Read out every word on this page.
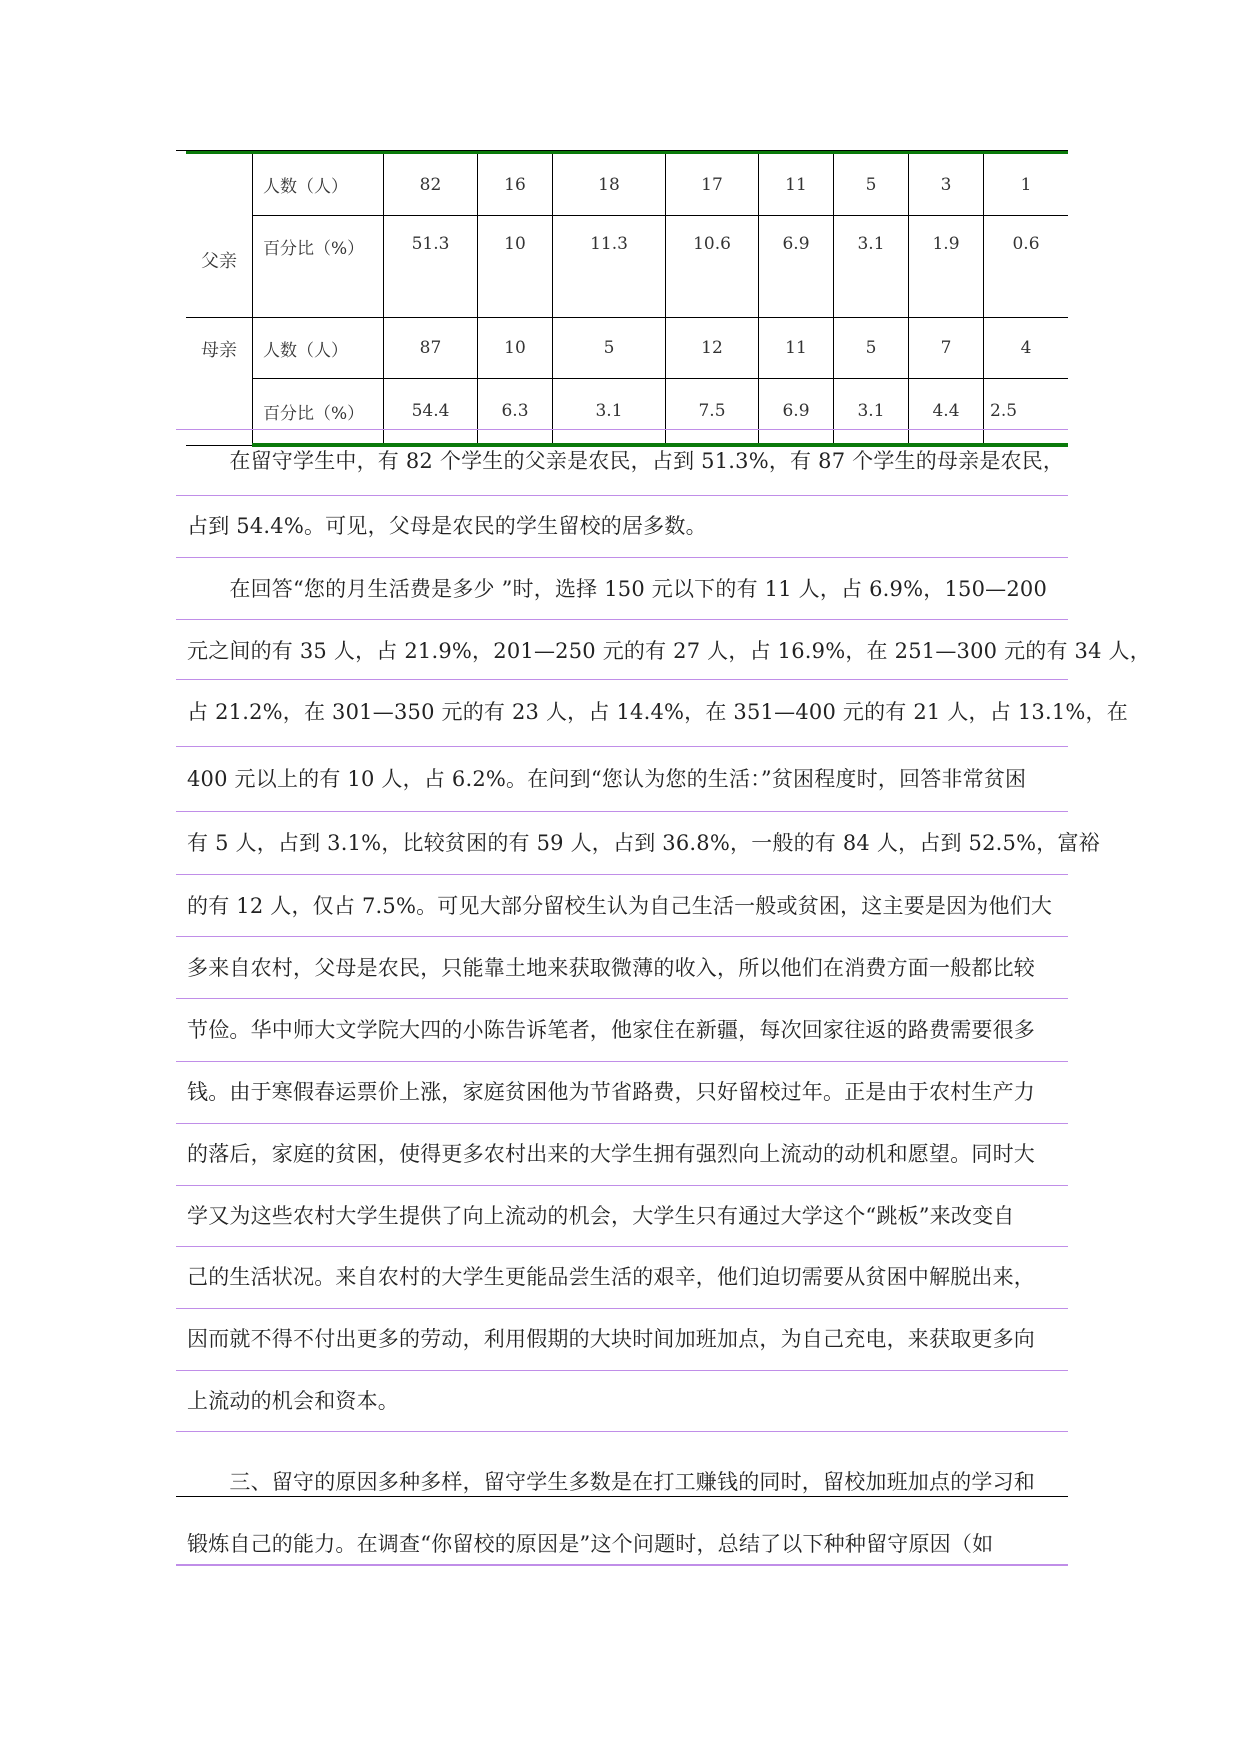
父亲	人数（人）	82	16	18	17	11	5	3	1
	百分比（%）	51.3	10	11.3	10.6	6.9	3.1	1.9	0.6
母亲	人数（人）	87	10	5	12	11	5	7	4
	百分比（%）	54.4	6.3	3.1	7.5	6.9	3.1	4.4	2.5
　　在留守学生中，有 82 个学生的父亲是农民，占到 51.3%，有 87 个学生的母亲是农民，
占到 54.4%。可见，父母是农民的学生留校的居多数。
　　在回答“您的月生活费是多少 ”时，选择 150 元以下的有 11 人，占 6.9%，150—200
元之间的有 35 人，占 21.9%，201—250 元的有 27 人，占 16.9%，在 251—300 元的有 34 人，
占 21.2%，在 301—350 元的有 23 人，占 14.4%，在 351—400 元的有 21 人，占 13.1%，在
400 元以上的有 10 人，占 6.2%。在问到“您认为您的生活：”贫困程度时，回答非常贫困
有 5 人，占到 3.1%，比较贫困的有 59 人，占到 36.8%，一般的有 84 人，占到 52.5%，富裕
的有 12 人，仅占 7.5%。可见大部分留校生认为自己生活一般或贫困，这主要是因为他们大
多来自农村，父母是农民，只能靠土地来获取微薄的收入，所以他们在消费方面一般都比较
节俭。华中师大文学院大四的小陈告诉笔者，他家住在新疆，每次回家往返的路费需要很多
钱。由于寒假春运票价上涨，家庭贫困他为节省路费，只好留校过年。正是由于农村生产力
的落后，家庭的贫困，使得更多农村出来的大学生拥有强烈向上流动的动机和愿望。同时大
学又为这些农村大学生提供了向上流动的机会，大学生只有通过大学这个“跳板”来改变自
己的生活状况。来自农村的大学生更能品尝生活的艰辛，他们迫切需要从贫困中解脱出来，
因而就不得不付出更多的劳动，利用假期的大块时间加班加点，为自己充电，来获取更多向
上流动的机会和资本。
　　三、留守的原因多种多样，留守学生多数是在打工赚钱的同时，留校加班加点的学习和
锻炼自己的能力。在调查“你留校的原因是”这个问题时，总结了以下种种留守原因（如
